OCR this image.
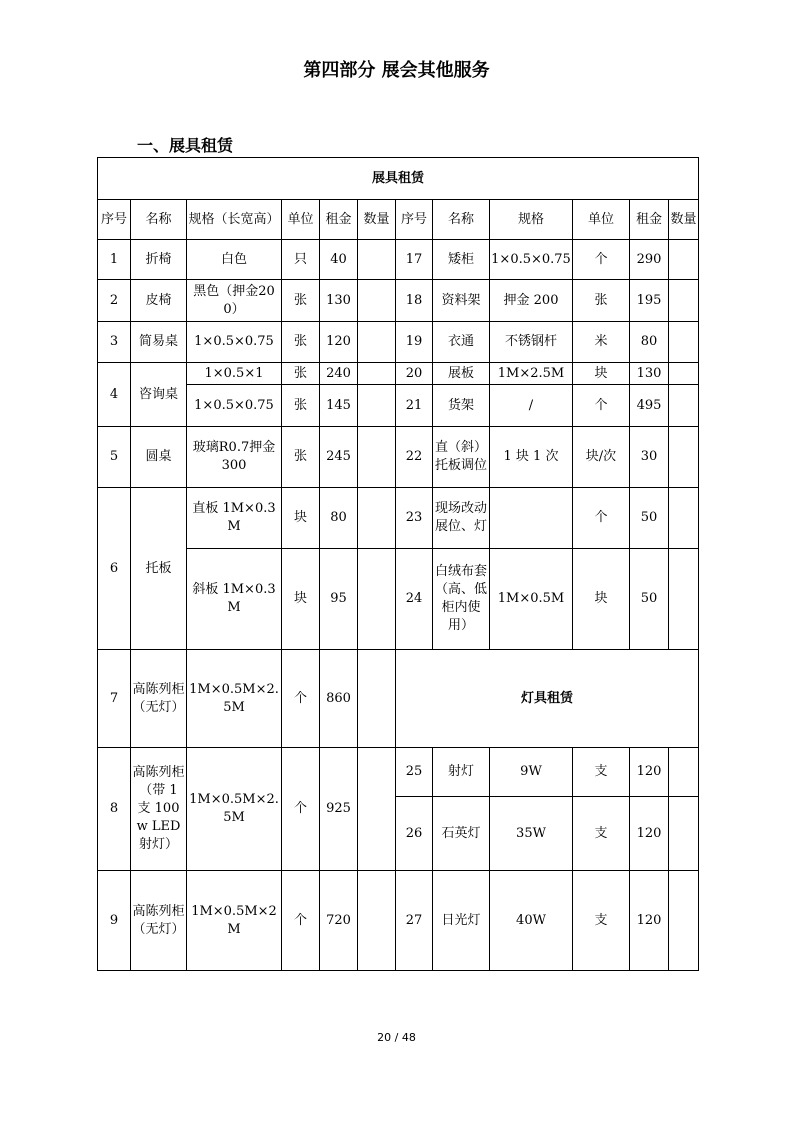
第四部分 展会其他服务
一、展具租赁
展具租赁											
序号	名称	规格（长宽高）	单位	租金	数量	序号	名称	规格	单位	租金	数量
1	折椅	白色	只	40		17	矮柜	1×0.5×0.75	个	290	
2	皮椅	黑色（押金200）	张	130		18	资料架	押金 200	张	195	
3	简易桌	1×0.5×0.75	张	120		19	衣通	不锈钢杆	米	80	
4	咨询桌	1×0.5×1	张	240		20	展板	1M×2.5M	块	130	
		1×0.5×0.75	张	145		21	货架	/	个	495	
5	圆桌	玻璃R0.7押金 300	张	245		22	直（斜）托板调位	1 块 1 次	块/次	30	
6	托板	直板 1M×0.3M	块	80		23	现场改动展位、灯		个	50	
		斜板 1M×0.3M	块	95		24	白绒布套（高、低柜内使用）	1M×0.5M	块	50	
7	高陈列柜（无灯）	1M×0.5M×2.5M	个	860		灯具租赁					
8	高陈列柜（带 1 支 100w LED 射灯）	1M×0.5M×2.5M	个	925		25	射灯	9W	支	120	
						26	石英灯	35W	支	120	
9	高陈列柜（无灯）	1M×0.5M×2M	个	720		27	日光灯	40W	支	120	
20 / 48
